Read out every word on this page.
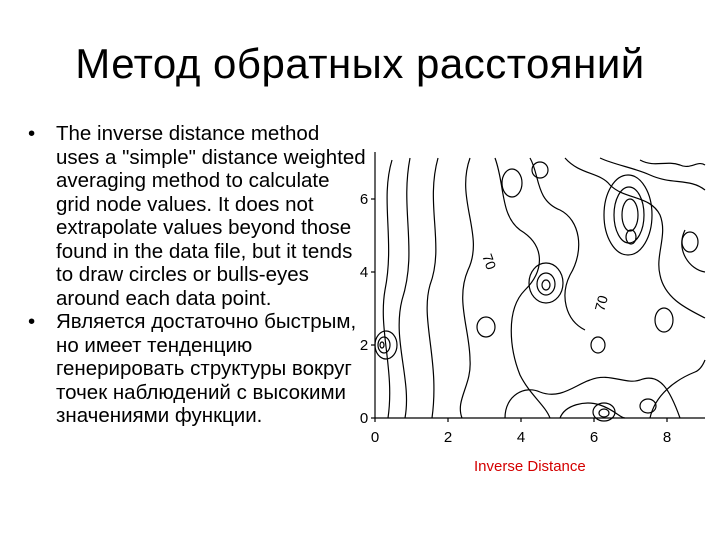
Метод обратных расстояний
• The inverse distance method uses a "simple" distance weighted averaging method to calculate grid node values. It does not extrapolate values beyond those found in the data file, but it tends to draw circles or bulls-eyes around each data point.
• Является достаточно быстрым, но имеет тенденцию генерировать структуры вокруг точек наблюдений с высокими значениями функции.
70
70
0	2	4	6	8
0
2
4
6
Inverse Distance
